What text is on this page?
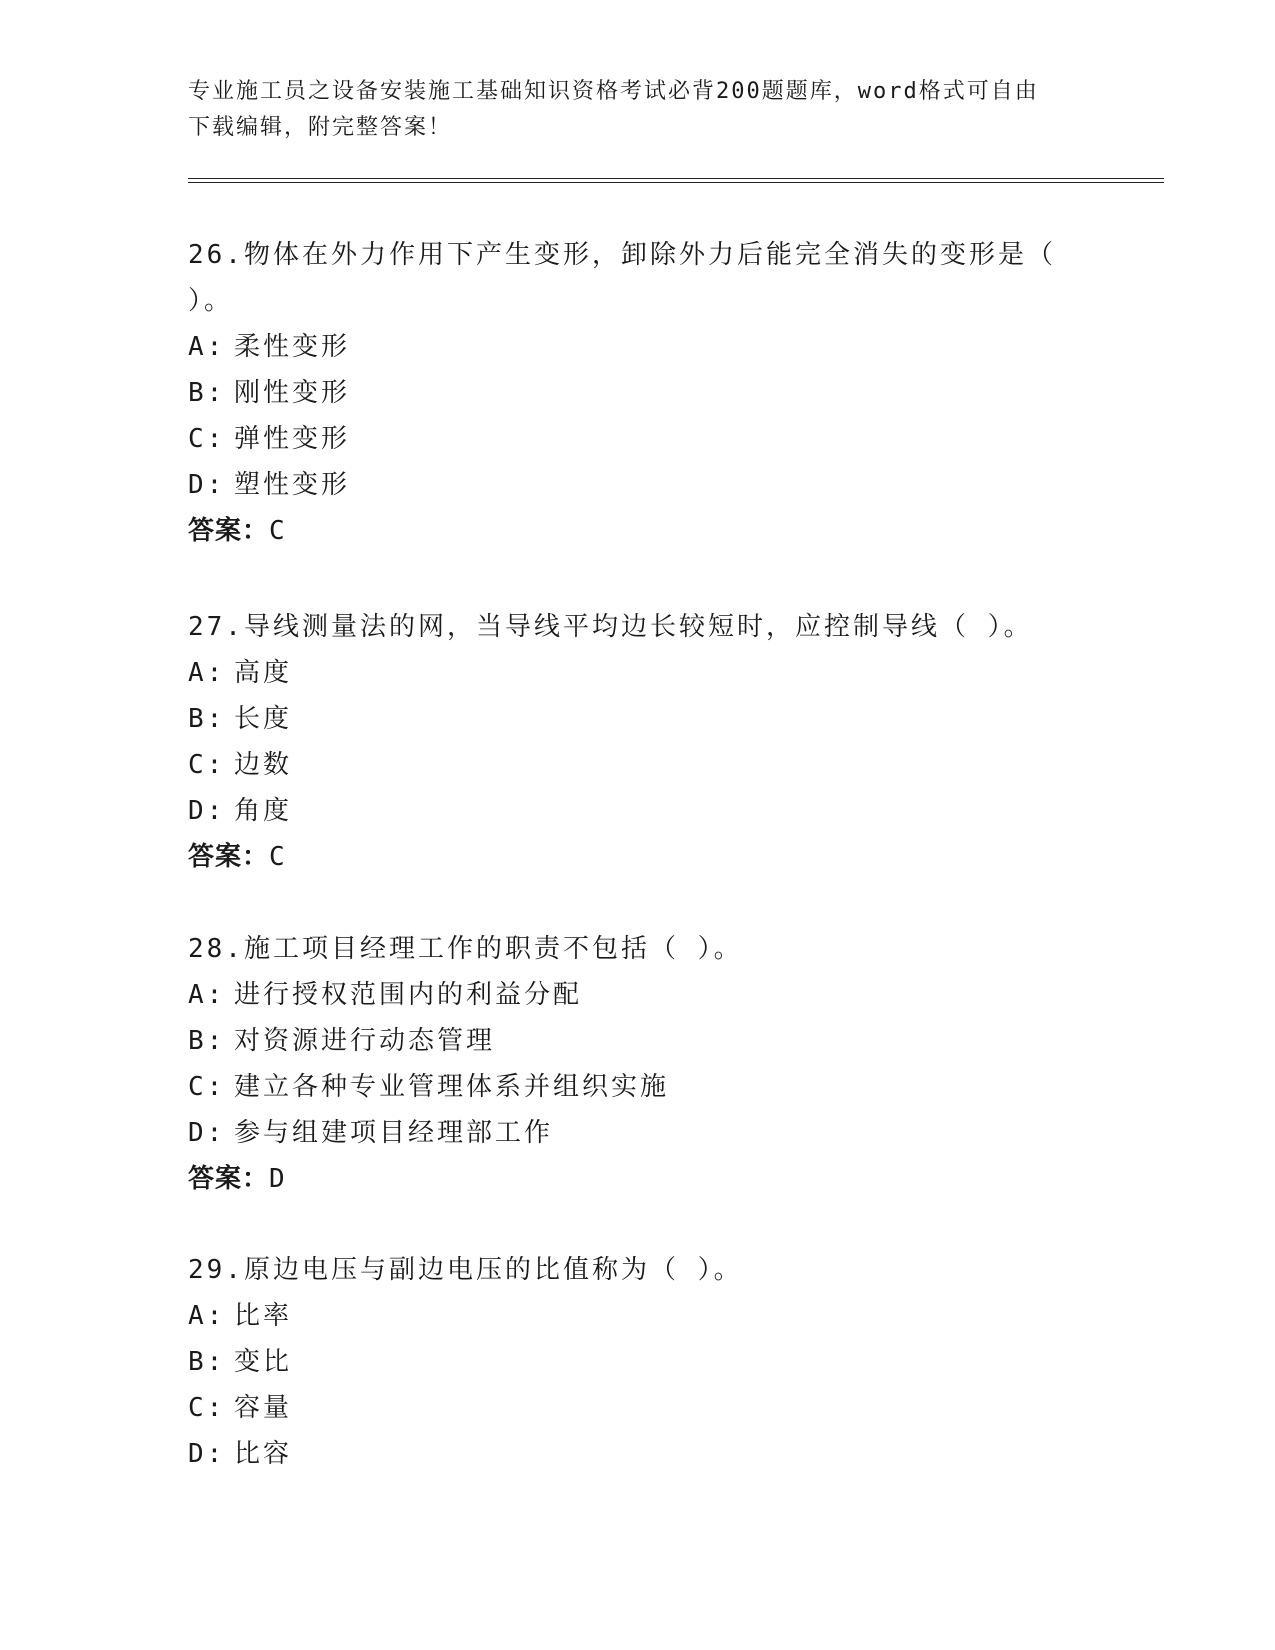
专业施工员之设备安装施工基础知识资格考试必背200题题库，word格式可自由
下载编辑，附完整答案！

26.物体在外力作用下产生变形，卸除外力后能完全消失的变形是（

）。

A: 柔性变形

B: 刚性变形

C: 弹性变形

D: 塑性变形

答案：C

27.导线测量法的网，当导线平均边长较短时，应控制导线（ ）。

A: 高度

B: 长度

C: 边数

D: 角度

答案：C

28.施工项目经理工作的职责不包括（ ）。

A: 进行授权范围内的利益分配

B: 对资源进行动态管理

C: 建立各种专业管理体系并组织实施

D: 参与组建项目经理部工作

答案：D

29.原边电压与副边电压的比值称为（ ）。

A: 比率

B: 变比

C: 容量

D: 比容
